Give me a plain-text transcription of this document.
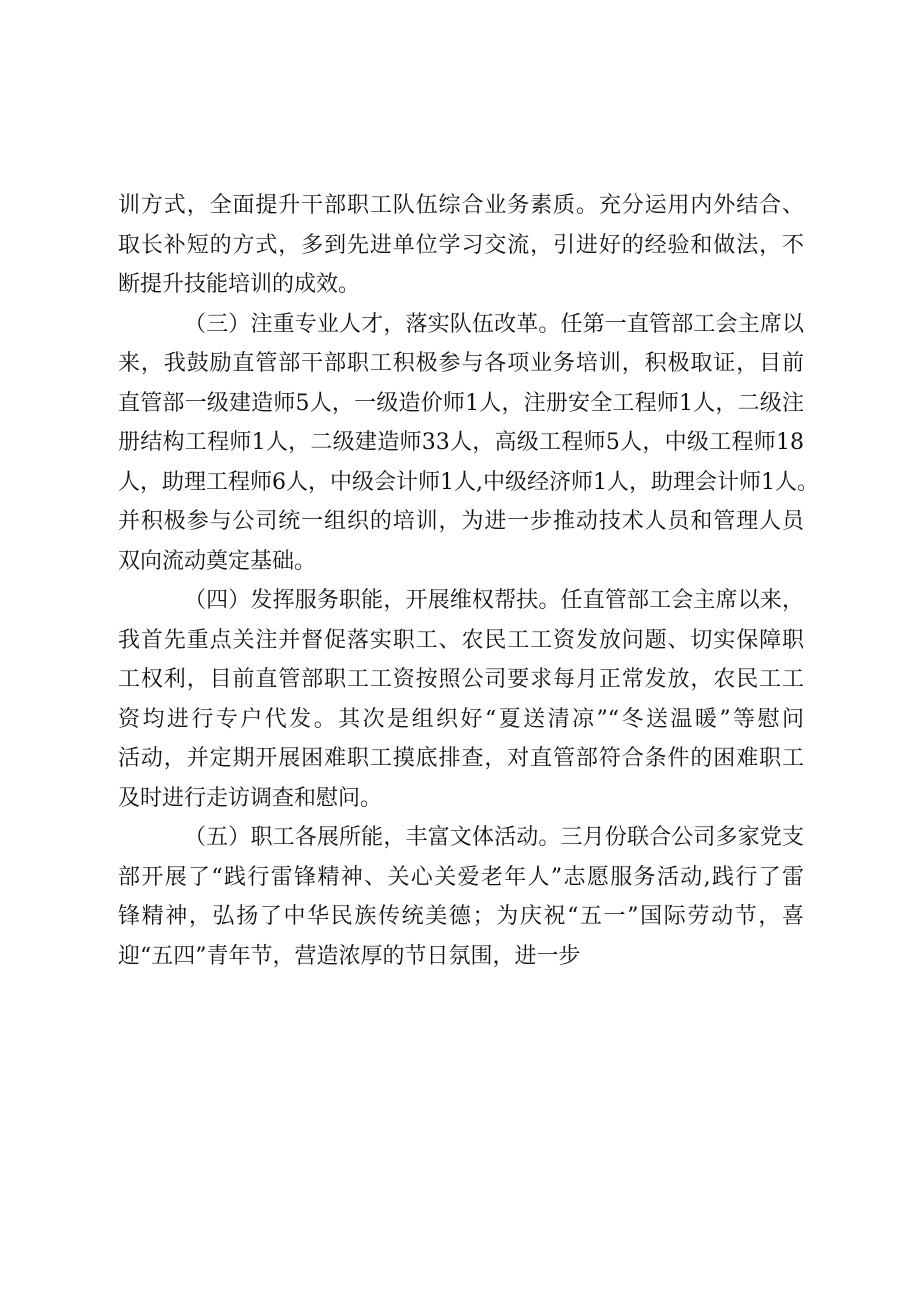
训方式，全面提升干部职工队伍综合业务素质。充分运用内外结合、
取长补短的方式，多到先进单位学习交流，引进好的经验和做法，不
断提升技能培训的成效。
（三）注重专业人才，落实队伍改革。任第一直管部工会主席以
来，我鼓励直管部干部职工积极参与各项业务培训，积极取证，目前
直管部一级建造师5人，一级造价师1人，注册安全工程师1人，二级注
册结构工程师1人，二级建造师33人，高级工程师5人，中级工程师18
人，助理工程师6人，中级会计师1人,中级经济师1人，助理会计师1人。
并积极参与公司统一组织的培训，为进一步推动技术人员和管理人员
双向流动奠定基础。
（四）发挥服务职能，开展维权帮扶。任直管部工会主席以来，
我首先重点关注并督促落实职工、农民工工资发放问题、切实保障职
工权利，目前直管部职工工资按照公司要求每月正常发放，农民工工
资均进行专户代发。其次是组织好“夏送清凉”“冬送温暖”等慰问
活动，并定期开展困难职工摸底排查，对直管部符合条件的困难职工
及时进行走访调查和慰问。
（五）职工各展所能，丰富文体活动。三月份联合公司多家党支
部开展了“践行雷锋精神、关心关爱老年人”志愿服务活动,践行了雷
锋精神，弘扬了中华民族传统美德；为庆祝“五一”国际劳动节，喜
迎“五四”青年节，营造浓厚的节日氛围，进一步
